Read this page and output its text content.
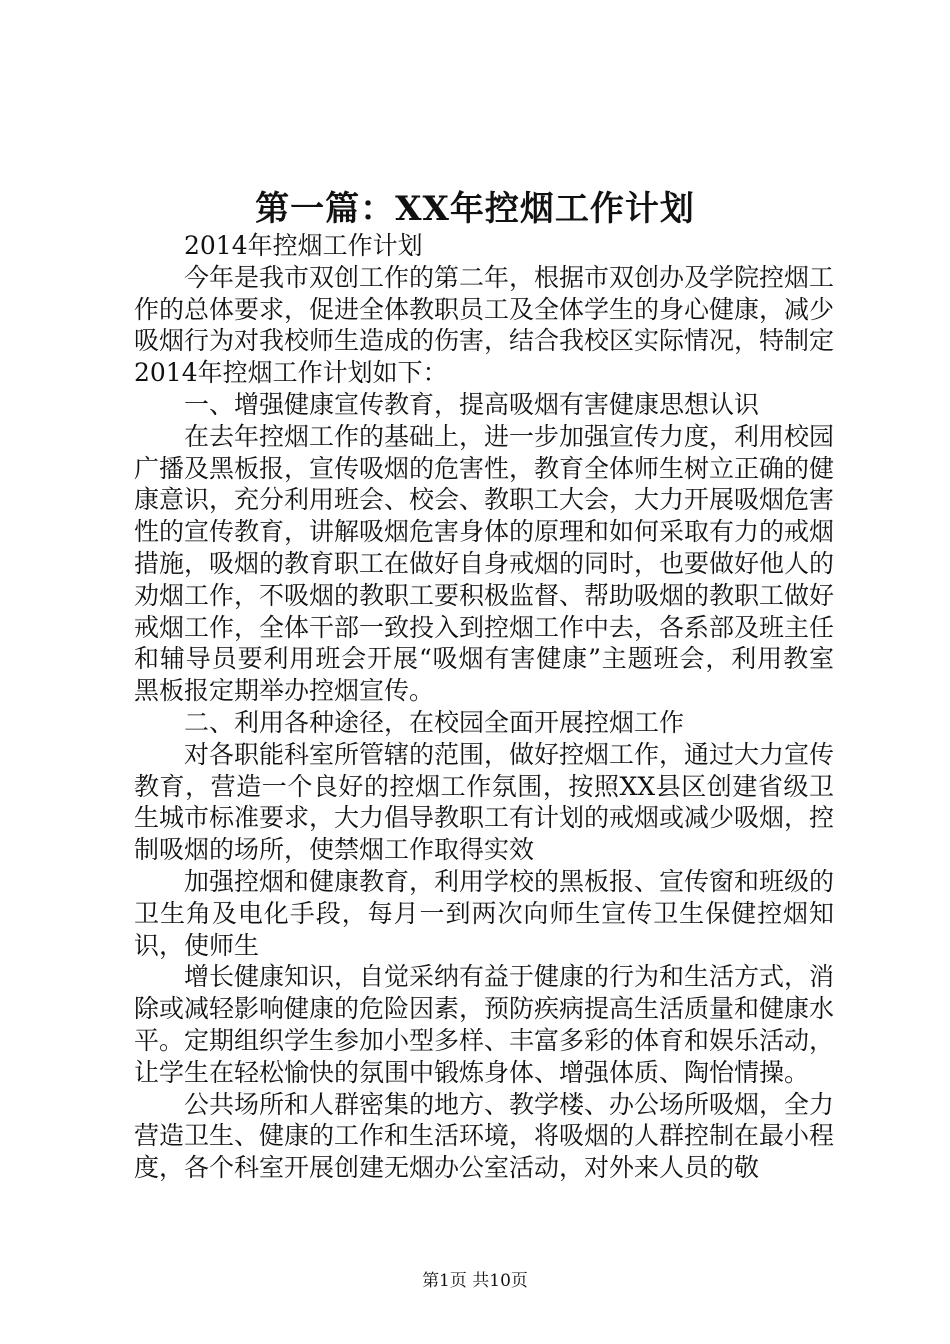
第一篇：XX年控烟工作计划

2014年控烟工作计划

今年是我市双创工作的第二年，根据市双创办及学院控烟工作的总体要求，促进全体教职员工及全体学生的身心健康，减少吸烟行为对我校师生造成的伤害，结合我校区实际情况，特制定2014年控烟工作计划如下：

一、增强健康宣传教育，提高吸烟有害健康思想认识

在去年控烟工作的基础上，进一步加强宣传力度，利用校园广播及黑板报，宣传吸烟的危害性，教育全体师生树立正确的健康意识，充分利用班会、校会、教职工大会，大力开展吸烟危害性的宣传教育，讲解吸烟危害身体的原理和如何采取有力的戒烟措施，吸烟的教育职工在做好自身戒烟的同时，也要做好他人的劝烟工作，不吸烟的教职工要积极监督、帮助吸烟的教职工做好戒烟工作，全体干部一致投入到控烟工作中去，各系部及班主任和辅导员要利用班会开展“吸烟有害健康”主题班会，利用教室黑板报定期举办控烟宣传。

二、利用各种途径，在校园全面开展控烟工作

对各职能科室所管辖的范围，做好控烟工作，通过大力宣传教育，营造一个良好的控烟工作氛围，按照XX县区创建省级卫生城市标准要求，大力倡导教职工有计划的戒烟或减少吸烟，控制吸烟的场所，使禁烟工作取得实效

加强控烟和健康教育，利用学校的黑板报、宣传窗和班级的卫生角及电化手段，每月一到两次向师生宣传卫生保健控烟知识，使师生

增长健康知识，自觉采纳有益于健康的行为和生活方式，消除或减轻影响健康的危险因素，预防疾病提高生活质量和健康水平。定期组织学生参加小型多样、丰富多彩的体育和娱乐活动，让学生在轻松愉快的氛围中锻炼身体、增强体质、陶怡情操。

公共场所和人群密集的地方、教学楼、办公场所吸烟，全力营造卫生、健康的工作和生活环境，将吸烟的人群控制在最小程度，各个科室开展创建无烟办公室活动，对外来人员的敬

第1页 共10页
